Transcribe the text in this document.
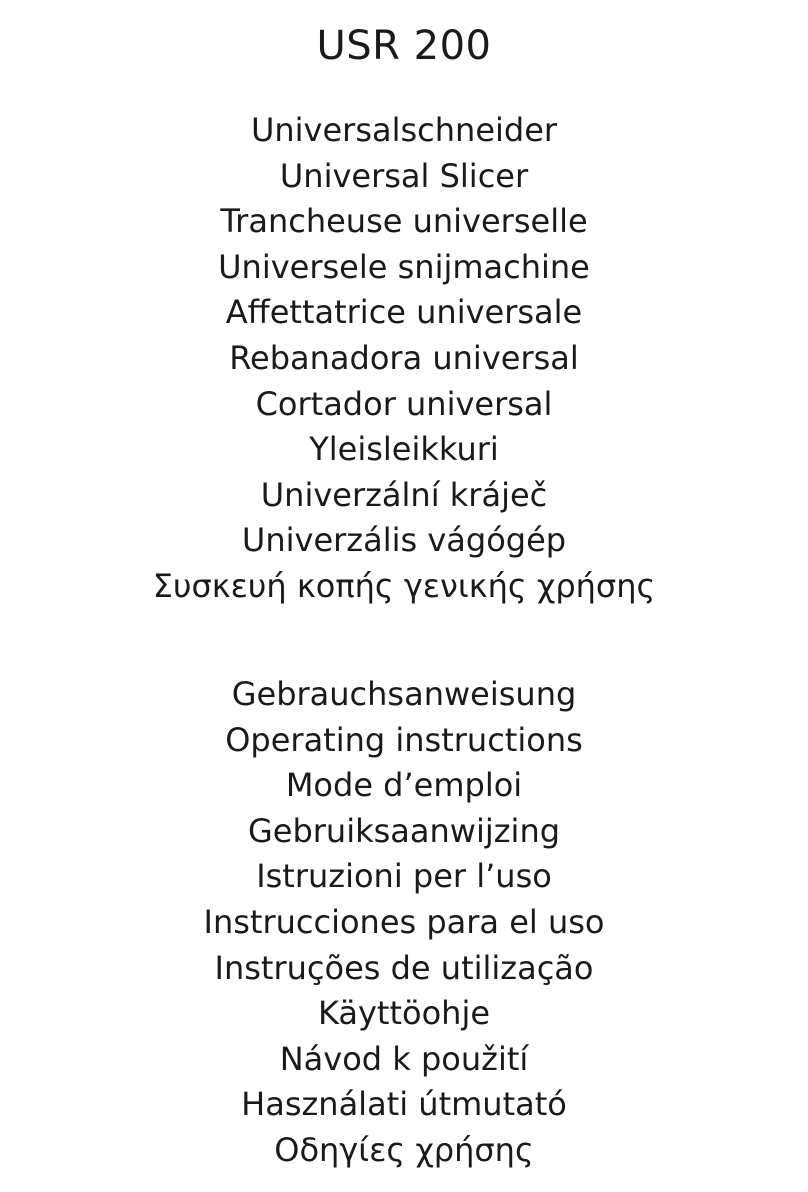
USR 200
Universalschneider
Universal Slicer
Trancheuse universelle
Universele snijmachine
Affettatrice universale
Rebanadora universal
Cortador universal
Yleisleikkuri
Univerzální kráječ
Univerzális vágógép
Συσκευή κοπής γενικής χρήσης
Gebrauchsanweisung
Operating instructions
Mode d’emploi
Gebruiksaanwijzing
Istruzioni per l’uso
Instrucciones para el uso
Instruções de utilização
Käyttöohje
Návod k použití
Használati útmutató
Οδηγίες χρήσης
